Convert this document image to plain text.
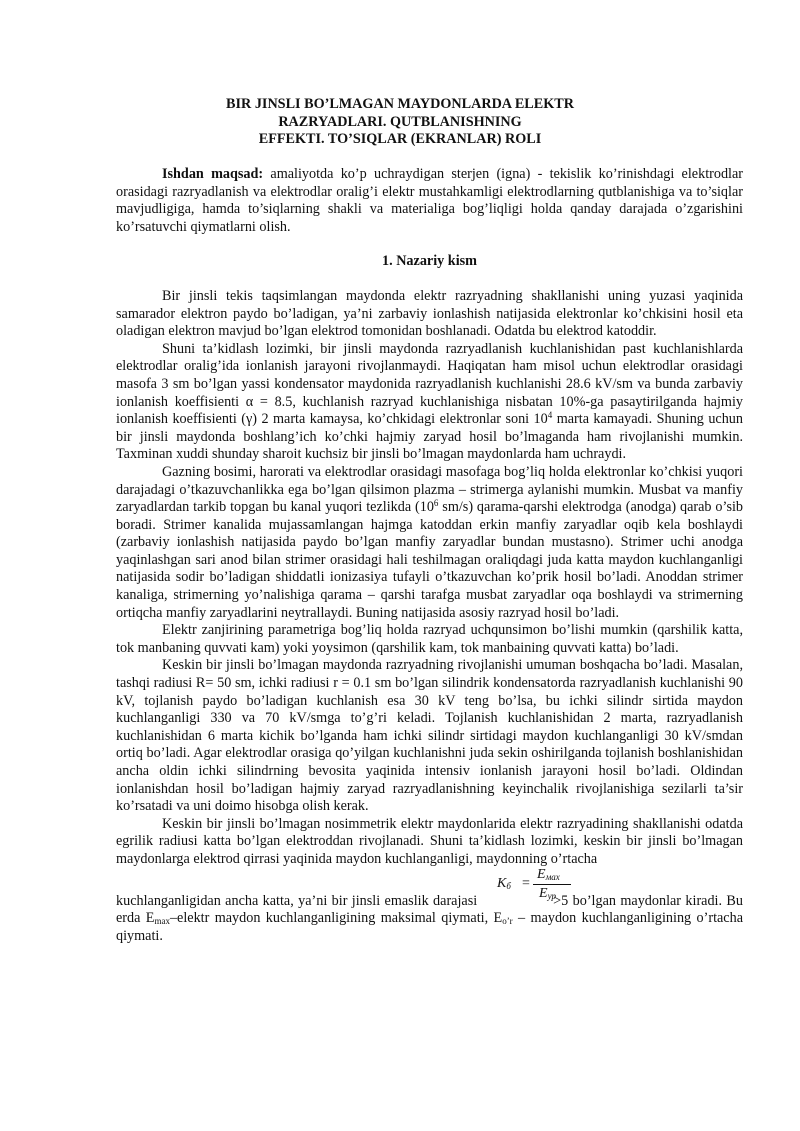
BIR JINSLI BO’LMAGAN MAYDONLARDA ELEKTR
RAZRYADLARI. QUTBLANISHNING
EFFEKTI. TO’SIQLAR (EKRANLAR) ROLI

Ishdan maqsad: amaliyotda ko’p uchraydigan sterjen (igna) - tekislik ko’rinishdagi elektrodlar orasidagi razryadlanish va elektrodlar oralig’i elektr mustahkamligi elektrodlarning qutblanishiga va to’siqlar mavjudligiga, hamda to’siqlarning shakli va materialiga bog’liqligi holda qanday darajada o’zgarishini ko’rsatuvchi qiymatlarni olish.

1. Nazariy kism

Bir jinsli tekis taqsimlangan maydonda elektr razryadning shakllanishi uning yuzasi yaqinida samarador elektron paydo bo’ladigan, ya’ni zarbaviy ionlashish natijasida elektronlar ko’chkisini hosil eta oladigan elektron mavjud bo’lgan elektrod tomonidan boshlanadi. Odatda bu elektrod katoddir.

Shuni ta’kidlash lozimki, bir jinsli maydonda razryadlanish kuchlanishidan past kuchlanishlarda elektrodlar oralig’ida ionlanish jarayoni rivojlanmaydi. Haqiqatan ham misol uchun elektrodlar orasidagi masofa 3 sm bo’lgan yassi kondensator maydonida razryadlanish kuchlanishi 28.6 kV/sm va bunda zarbaviy ionlanish koeffisienti α = 8.5, kuchlanish razryad kuchlanishiga nisbatan 10%-ga pasaytirilganda hajmiy ionlanish koeffisienti (γ) 2 marta kamaysa, ko’chkidagi elektronlar soni $10^4$ marta kamayadi. Shuning uchun bir jinsli maydonda boshlang’ich ko’chki hajmiy zaryad hosil bo’lmaganda ham rivojlanishi mumkin. Taxminan xuddi shunday sharoit kuchsiz bir jinsli bo’lmagan maydonlarda ham uchraydi.

Gazning bosimi, harorati va elektrodlar orasidagi masofaga bog’liq holda elektronlar ko’chkisi yuqori darajadagi o’tkazuvchanlikka ega bo’lgan qilsimon plazma – strimerga aylanishi mumkin. Musbat va manfiy zaryadlardan tarkib topgan bu kanal yuqori tezlikda ($10^6$ sm/s) qarama-qarshi elektrodga (anodga) qarab o’sib boradi. Strimer kanalida mujassamlangan hajmga katoddan erkin manfiy zaryadlar oqib kela boshlaydi (zarbaviy ionlashish natijasida paydo bo’lgan manfiy zaryadlar bundan mustasno). Strimer uchi anodga yaqinlashgan sari anod bilan strimer orasidagi hali teshilmagan oraliqdagi juda katta maydon kuchlanganligi natijasida sodir bo’ladigan shiddatli ionizasiya tufayli o’tkazuvchan ko’prik hosil bo’ladi. Anoddan strimer kanaliga, strimerning yo’nalishiga qarama – qarshi tarafga musbat zaryadlar oqa boshlaydi va strimerning ortiqcha manfiy zaryadlarini neytrallaydi. Buning natijasida asosiy razryad hosil bo’ladi.

Elektr zanjirining parametriga bog’liq holda razryad uchqunsimon bo’lishi mumkin (qarshilik katta, tok manbaning quvvati kam) yoki yoysimon (qarshilik kam, tok manbaining quvvati katta) bo’ladi.

Keskin bir jinsli bo’lmagan maydonda razryadning rivojlanishi umuman boshqacha bo’ladi. Masalan, tashqi radiusi R= 50 sm, ichki radiusi r = 0.1 sm bo’lgan silindrik kondensatorda razryadlanish kuchlanishi 90 kV, tojlanish paydo bo’ladigan kuchlanish esa 30 kV teng bo’lsa, bu ichki silindr sirtida maydon kuchlanganligi 330 va 70 kV/smga to’g’ri keladi. Tojlanish kuchlanishidan 2 marta, razryadlanish kuchlanishidan 6 marta kichik bo’lganda ham ichki silindr sirtidagi maydon kuchlanganligi 30 kV/smdan ortiq bo’ladi. Agar elektrodlar orasiga qo’yilgan kuchlanishni juda sekin oshirilganda tojlanish boshlanishidan ancha oldin ichki silindrning bevosita yaqinida intensiv ionlanish jarayoni hosil bo’ladi. Oldindan ionlanishdan hosil bo’ladigan hajmiy zaryad razryadlanishning keyinchalik rivojlanishiga sezilarli ta’sir ko’rsatadi va uni doimo hisobga olish kerak.

Keskin bir jinsli bo’lmagan nosimmetrik elektr maydonlarida elektr razryadining shakllanishi odatda egrilik radiusi katta bo’lgan elektroddan rivojlanadi. Shuni ta’kidlash lozimki, keskin bir jinsli bo’lmagan maydonlarga elektrod qirrasi yaqinida maydon kuchlanganligi, maydonning o’rtacha

$K_б$ =
$E_{мах}$
$E_{ур}$
kuchlanganligidan ancha katta, ya’ni bir jinsli emaslik darajasi	>5 bo’lgan maydonlar kiradi. Bu erda $E_{max}$–elektr maydon kuchlanganligining maksimal qiymati, $E_{o’r}$ – maydon kuchlanganligining o’rtacha qiymati.
